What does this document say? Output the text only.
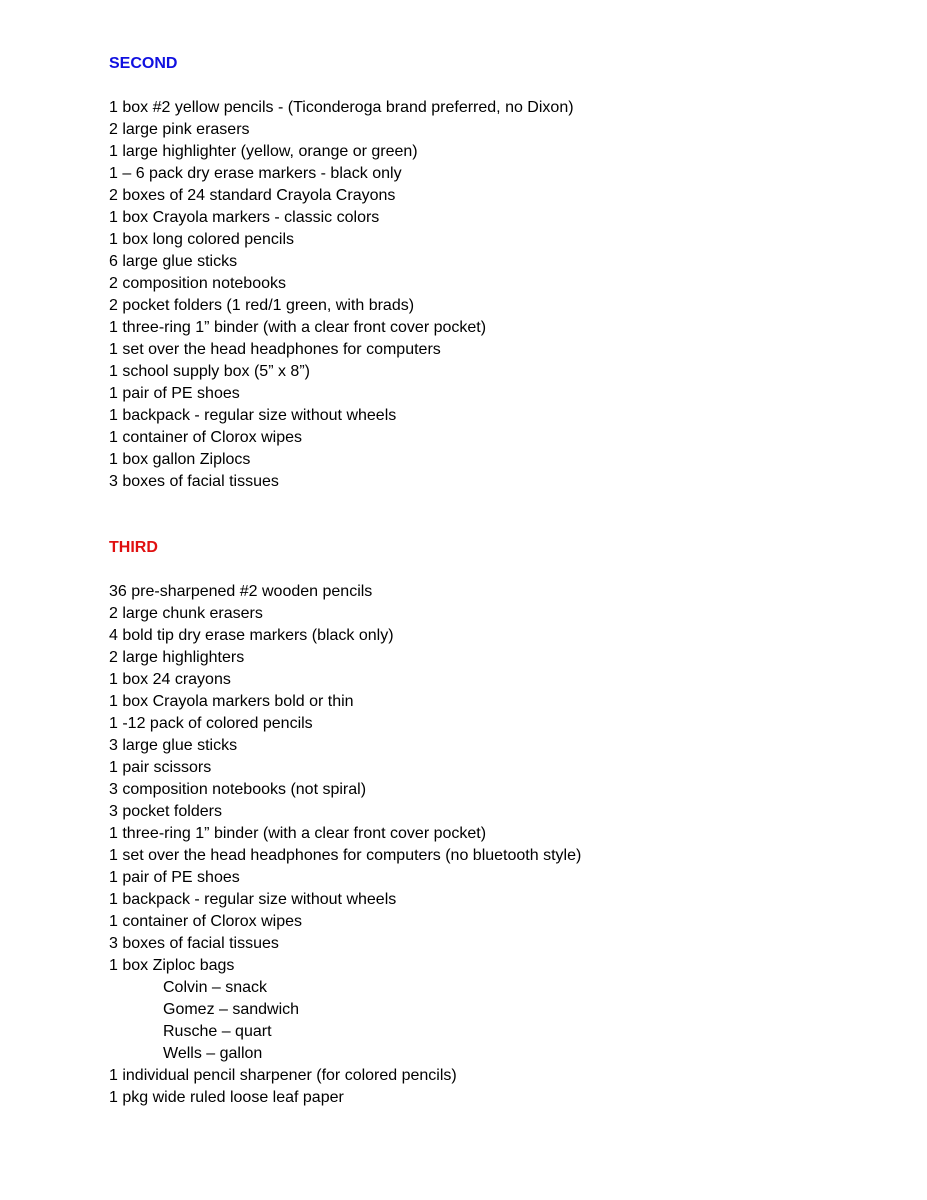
SECOND
1 box #2 yellow pencils - (Ticonderoga brand preferred, no Dixon)
2 large pink erasers
1 large highlighter (yellow, orange or green)
1 – 6 pack dry erase markers - black only
2 boxes of 24 standard Crayola Crayons
1 box Crayola markers - classic colors
1 box long colored pencils
6 large glue sticks
2 composition notebooks
2 pocket folders (1 red/1 green, with brads)
1 three-ring 1” binder (with a clear front cover pocket)
1 set over the head headphones for computers
1 school supply box (5” x 8”)
1 pair of PE shoes
1 backpack - regular size without wheels
1 container of Clorox wipes
1 box gallon Ziplocs
3 boxes of facial tissues
THIRD
36 pre-sharpened #2 wooden pencils
2 large chunk erasers
4 bold tip dry erase markers (black only)
2 large highlighters
1 box 24 crayons
1 box Crayola markers bold or thin
1 -12 pack of colored pencils
3 large glue sticks
1 pair scissors
3 composition notebooks (not spiral)
3 pocket folders
1 three-ring 1” binder (with a clear front cover pocket)
1 set over the head headphones for computers (no bluetooth style)
1 pair of PE shoes
1 backpack - regular size without wheels
1 container of Clorox wipes
3 boxes of facial tissues
1 box Ziploc bags
Colvin – snack
Gomez – sandwich
Rusche – quart
Wells – gallon
1 individual pencil sharpener (for colored pencils)
1 pkg wide ruled loose leaf paper
